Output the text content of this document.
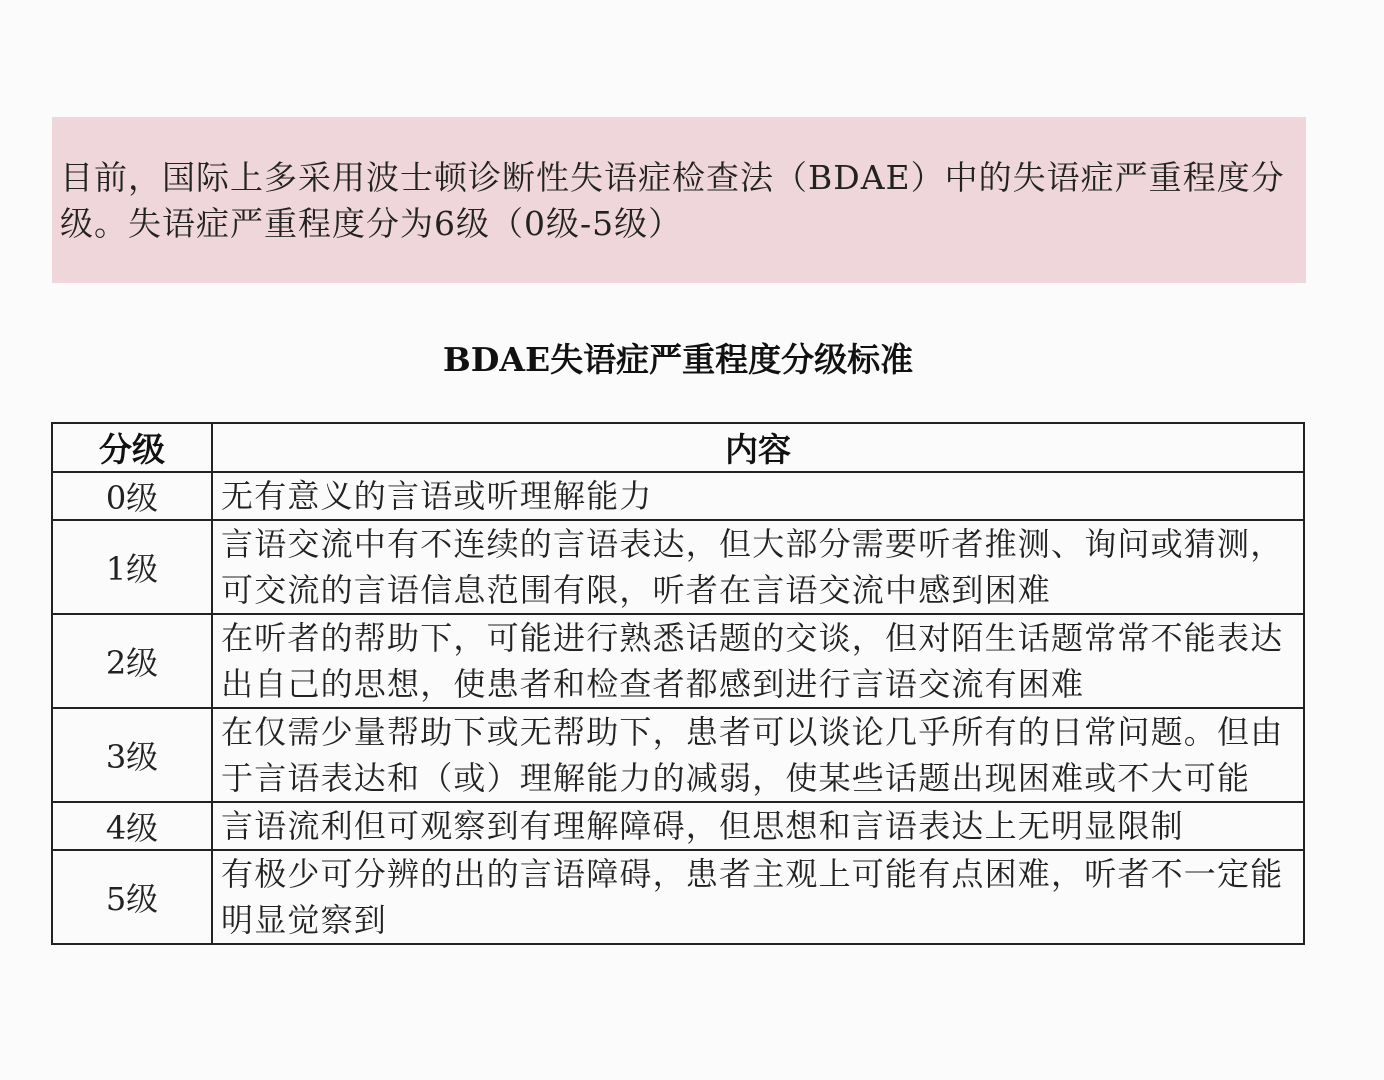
目前，国际上多采用波士顿诊断性失语症检查法（BDAE）中的失语症严重程度分级。失语症严重程度分为6级（0级-5级）
BDAE失语症严重程度分级标准
分级	内容
0级	无有意义的言语或听理解能力
1级	言语交流中有不连续的言语表达，但大部分需要听者推测、询问或猜测，可交流的言语信息范围有限，听者在言语交流中感到困难
2级	在听者的帮助下，可能进行熟悉话题的交谈，但对陌生话题常常不能表达出自己的思想，使患者和检查者都感到进行言语交流有困难
3级	在仅需少量帮助下或无帮助下，患者可以谈论几乎所有的日常问题。但由于言语表达和（或）理解能力的减弱，使某些话题出现困难或不大可能
4级	言语流利但可观察到有理解障碍，但思想和言语表达上无明显限制
5级	有极少可分辨的出的言语障碍，患者主观上可能有点困难，听者不一定能明显觉察到
